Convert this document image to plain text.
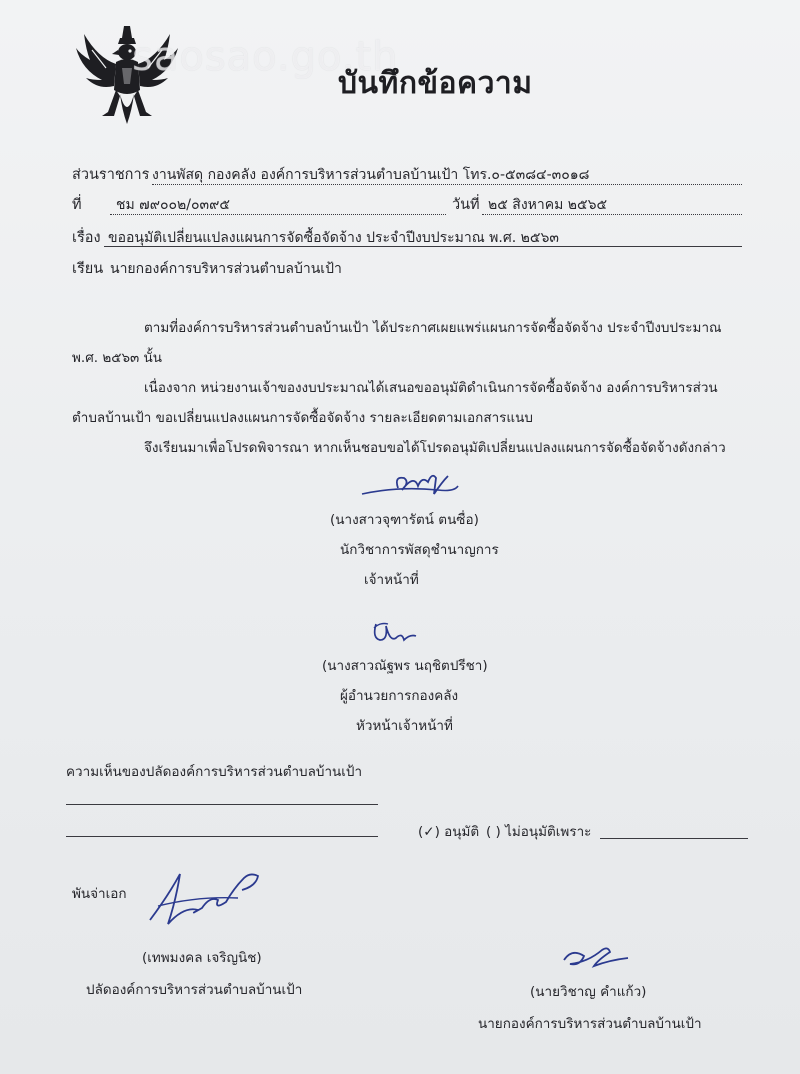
saosao.go.th
บันทึกข้อความ
ส่วนราชการ งานพัสดุ กองคลัง องค์การบริหารส่วนตำบลบ้านเป้า โทร.๐-๕๓๘๔-๓๐๑๘
ที่ ชม ๗๙๐๐๒/๐๓๙๕	วันที่ ๒๕ สิงหาคม ๒๕๖๕
เรื่อง ขออนุมัติเปลี่ยนแปลงแผนการจัดซื้อจัดจ้าง ประจำปีงบประมาณ พ.ศ. ๒๕๖๓
เรียน นายกองค์การบริหารส่วนตำบลบ้านเป้า
ตามที่องค์การบริหารส่วนตำบลบ้านเป้า ได้ประกาศเผยแพร่แผนการจัดซื้อจัดจ้าง ประจำปีงบประมาณ
พ.ศ. ๒๕๖๓ นั้น
เนื่องจาก หน่วยงานเจ้าของงบประมาณได้เสนอขออนุมัติดำเนินการจัดซื้อจัดจ้าง องค์การบริหารส่วน
ตำบลบ้านเป้า ขอเปลี่ยนแปลงแผนการจัดซื้อจัดจ้าง รายละเอียดตามเอกสารแนบ
จึงเรียนมาเพื่อโปรดพิจารณา หากเห็นชอบขอได้โปรดอนุมัติเปลี่ยนแปลงแผนการจัดซื้อจัดจ้างดังกล่าว
(นางสาวจุฑารัตน์ ตนซื่อ)
นักวิชาการพัสดุชำนาญการ
เจ้าหน้าที่
(นางสาวณัฐพร นฤชิตปรีชา)
ผู้อำนวยการกองคลัง
หัวหน้าเจ้าหน้าที่
ความเห็นของปลัดองค์การบริหารส่วนตำบลบ้านเป้า
(✓) อนุมัติ ( ) ไม่อนุมัติเพราะ
พันจ่าเอก
(เทพมงคล เจริญนิช)
ปลัดองค์การบริหารส่วนตำบลบ้านเป้า	(นายวิชาญ คำแก้ว)
นายกองค์การบริหารส่วนตำบลบ้านเป้า
